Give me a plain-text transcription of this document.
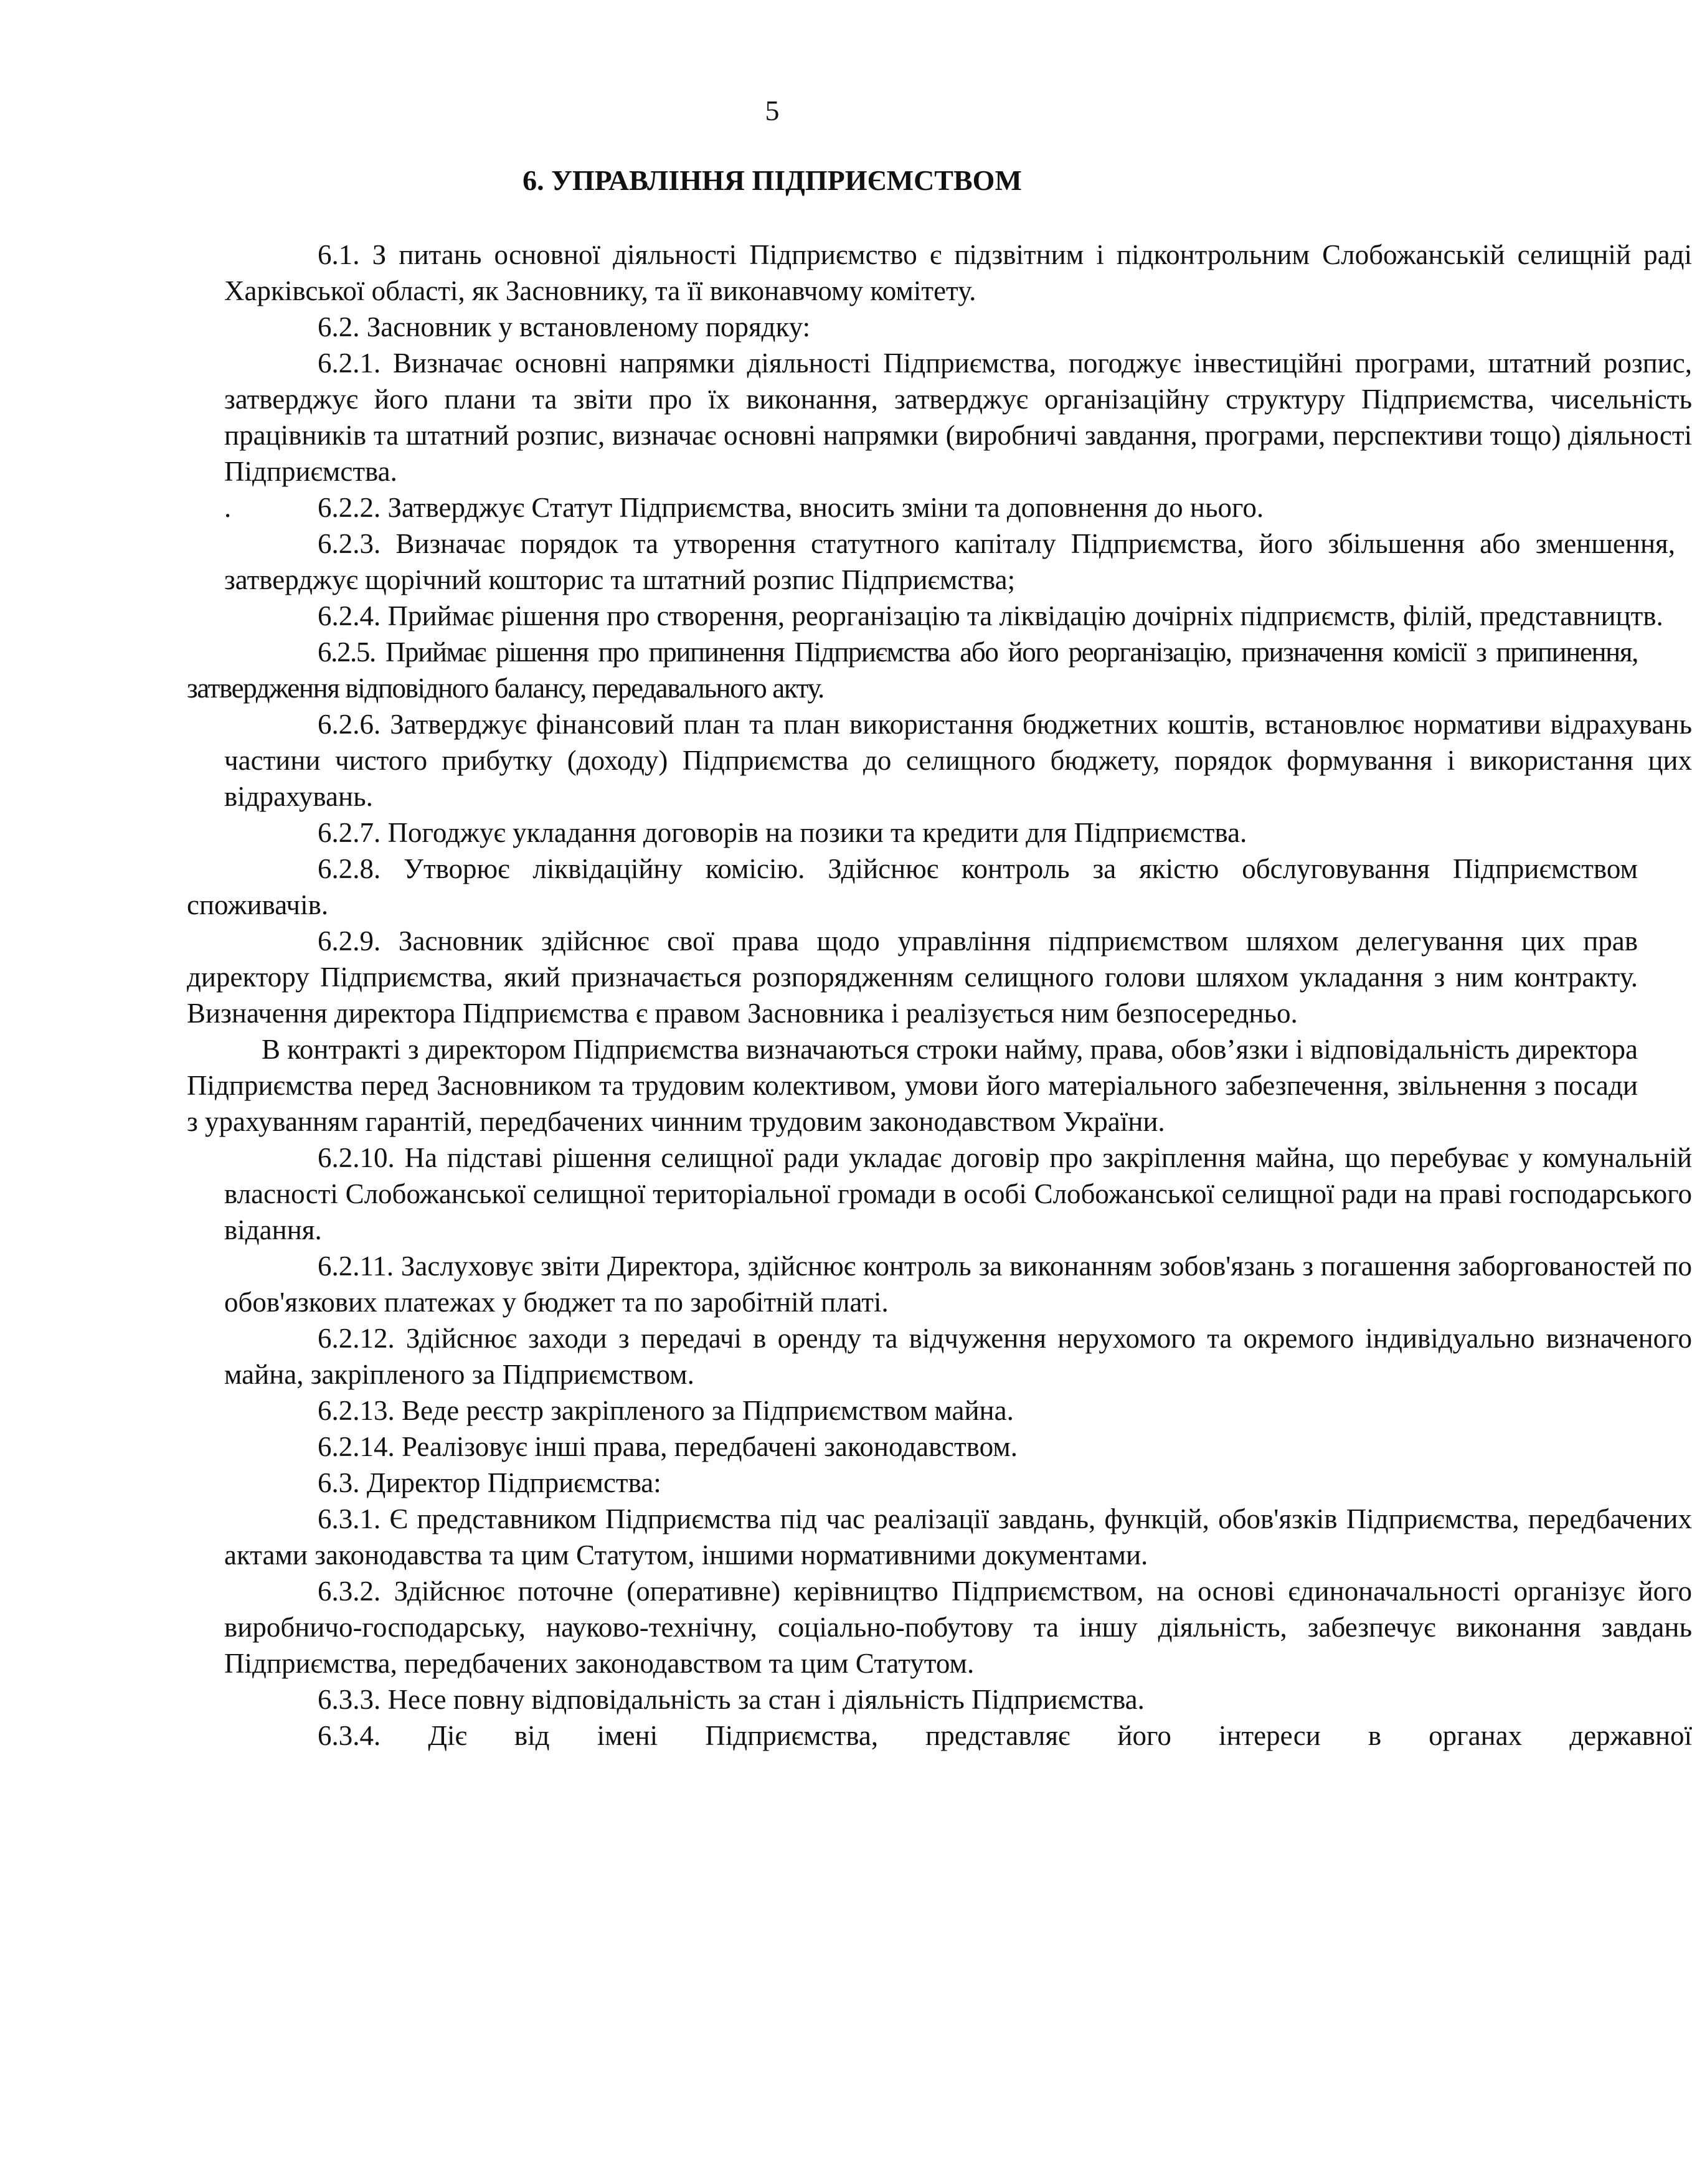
5
6. УПРАВЛІННЯ ПІДПРИЄМСТВОМ

6.1. З питань основної діяльності Підприємство є підзвітним і підконтрольним Слобожанській селищній раді Харківської області, як Засновнику, та її виконавчому комітету.

6.2. Засновник у встановленому порядку:

6.2.1. Визначає основні напрямки діяльності Підприємства, погоджує інвестиційні програми, штатний розпис, затверджує його плани та звіти про їх виконання, затверджує організаційну структуру Підприємства, чисельність працівників та штатний розпис, визначає основні напрямки (виробничі завдання, програми, перспективи тощо) діяльності Підприємства.

.	6.2.2. Затверджує Статут Підприємства, вносить зміни та доповнення до нього.

6.2.3. Визначає порядок та утворення статутного капіталу Підприємства, його збільшення або зменшення, затверджує щорічний кошторис та штатний розпис Підприємства;

6.2.4. Приймає рішення про створення, реорганізацію та ліквідацію дочірніх підприємств, філій, представництв.

6.2.5. Приймає рішення про припинення Підприємства або його реорганізацію, призначення комісії з припинення, затвердження відповідного балансу, передавального акту.

6.2.6. Затверджує фінансовий план та план використання бюджетних коштів, встановлює нормативи відрахувань частини чистого прибутку (доходу) Підприємства до селищного бюджету, порядок формування і використання цих відрахувань.

6.2.7. Погоджує укладання договорів на позики та кредити для Підприємства.

6.2.8. Утворює ліквідаційну комісію. Здійснює контроль за якістю обслуговування Підприємством споживачів.

6.2.9. Засновник здійснює свої права щодо управління підприємством шляхом делегування цих прав директору Підприємства, який призначається розпорядженням селищного голови шляхом укладання з ним контракту. Визначення директора Підприємства є правом Засновника і реалізується ним безпосередньо.

В контракті з директором Підприємства визначаються строки найму, права, обов’язки і відповідальність директора Підприємства перед Засновником та трудовим колективом, умови його матеріального забезпечення, звільнення з посади з урахуванням гарантій, передбачених чинним трудовим законодавством України.

6.2.10. На підставі рішення селищної ради укладає договір про закріплення майна, що перебуває у комунальній власності Слобожанської селищної територіальної громади в особі Слобожанської селищної ради на праві господарського відання.

6.2.11. Заслуховує звіти Директора, здійснює контроль за виконанням зобов'язань з погашення заборгованостей по обов'язкових платежах у бюджет та по заробітній платі.

6.2.12. Здійснює заходи з передачі в оренду та відчуження нерухомого та окремого індивідуально визначеного майна, закріпленого за Підприємством.

6.2.13. Веде реєстр закріпленого за Підприємством майна.

6.2.14. Реалізовує інші права, передбачені законодавством.

6.3. Директор Підприємства:

6.3.1. Є представником Підприємства під час реалізації завдань, функцій, обов'язків Підприємства, передбачених актами законодавства та цим Статутом, іншими нормативними документами.

6.3.2. Здійснює поточне (оперативне) керівництво Підприємством, на основі єдиноначальності організує його виробничо-господарську, науково-технічну, соціально-побутову та іншу діяльність, забезпечує виконання завдань Підприємства, передбачених законодавством та цим Статутом.

6.3.3. Несе повну відповідальність за стан і діяльність Підприємства.

6.3.4. Діє від імені Підприємства, представляє його інтереси в органах державної
